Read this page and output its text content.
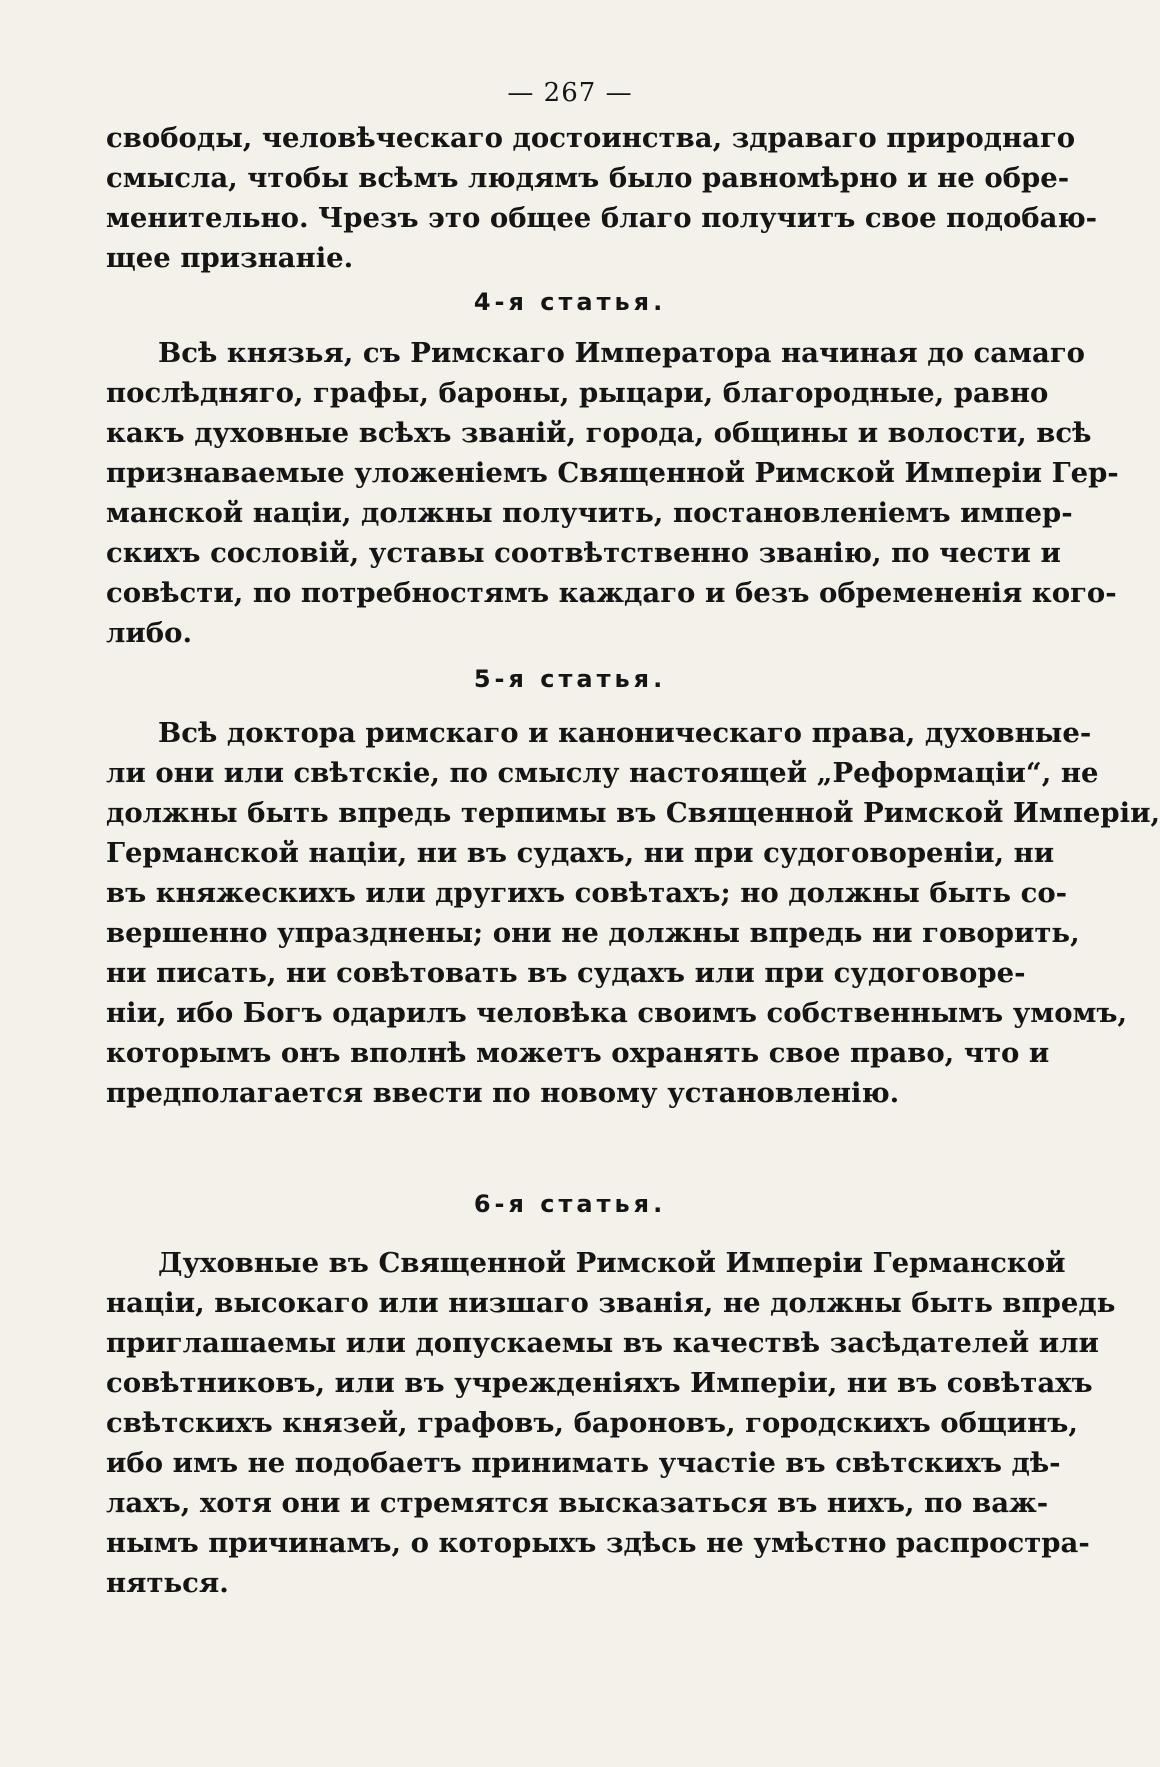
— 267 —
свободы, человѣческаго достоинства, здраваго природнаго
смысла, чтобы всѣмъ людямъ было равномѣрно и не обре-
менительно. Чрезъ это общее благо получитъ свое подобаю-
щее признаніе.
4-я статья.
Всѣ князья, съ Римскаго Императора начиная до самаго
послѣдняго, графы, бароны, рыцари, благородные, равно
какъ духовные всѣхъ званій, города, общины и волости, всѣ
признаваемые уложеніемъ Священной Римской Имперіи Гер-
манской націи, должны получить, постановленіемъ импер-
скихъ сословій, уставы соотвѣтственно званію, по чести и
совѣсти, по потребностямъ каждаго и безъ обремененія кого-
либо.
5-я статья.
Всѣ доктора римскаго и каноническаго права, духовные-
ли они или свѣтскіе, по смыслу настоящей „Реформаціи“, не
должны быть впредь терпимы въ Священной Римской Имперіи,
Германской націи, ни въ судахъ, ни при судоговореніи, ни
въ княжескихъ или другихъ совѣтахъ; но должны быть со-
вершенно упразднены; они не должны впредь ни говорить,
ни писать, ни совѣтовать въ судахъ или при судоговоре-
ніи, ибо Богъ одарилъ человѣка своимъ собственнымъ умомъ,
которымъ онъ вполнѣ можетъ охранять свое право, что и
предполагается ввести по новому установленію.
6-я статья.
Духовные въ Священной Римской Имперіи Германской
націи, высокаго или низшаго званія, не должны быть впредь
приглашаемы или допускаемы въ качествѣ засѣдателей или
совѣтниковъ, или въ учрежденіяхъ Имперіи, ни въ совѣтахъ
свѣтскихъ князей, графовъ, бароновъ, городскихъ общинъ,
ибо имъ не подобаетъ принимать участіе въ свѣтскихъ дѣ-
лахъ, хотя они и стремятся высказаться въ нихъ, по важ-
нымъ причинамъ, о которыхъ здѣсь не умѣстно распростра-
няться.
